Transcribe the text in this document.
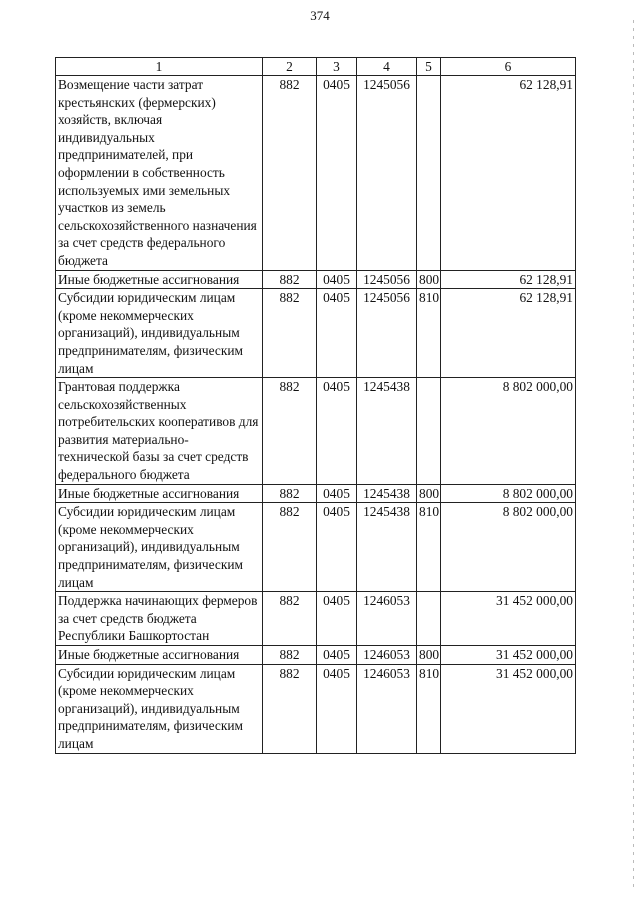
374
1	2	3	4	5	6
Возмещение части затрат крестьянских (фермерских) хозяйств, включая индивидуальных предпринимателей, при оформлении в собственность используемых ими земельных участков из земель сельскохозяйственного назначения за счет средств федерального бюджета	882	0405	1245056		62 128,91
Иные бюджетные ассигнования	882	0405	1245056	800	62 128,91
Субсидии юридическим лицам (кроме некоммерческих организаций), индивидуальным предпринимателям, физическим лицам	882	0405	1245056	810	62 128,91
Грантовая поддержка сельскохозяйственных потребительских кооперативов для развития материально-технической базы за счет средств федерального бюджета	882	0405	1245438		8 802 000,00
Иные бюджетные ассигнования	882	0405	1245438	800	8 802 000,00
Субсидии юридическим лицам (кроме некоммерческих организаций), индивидуальным предпринимателям, физическим лицам	882	0405	1245438	810	8 802 000,00
Поддержка начинающих фермеров за счет средств бюджета Республики Башкортостан	882	0405	1246053		31 452 000,00
Иные бюджетные ассигнования	882	0405	1246053	800	31 452 000,00
Субсидии юридическим лицам (кроме некоммерческих организаций), индивидуальным предпринимателям, физическим лицам	882	0405	1246053	810	31 452 000,00
